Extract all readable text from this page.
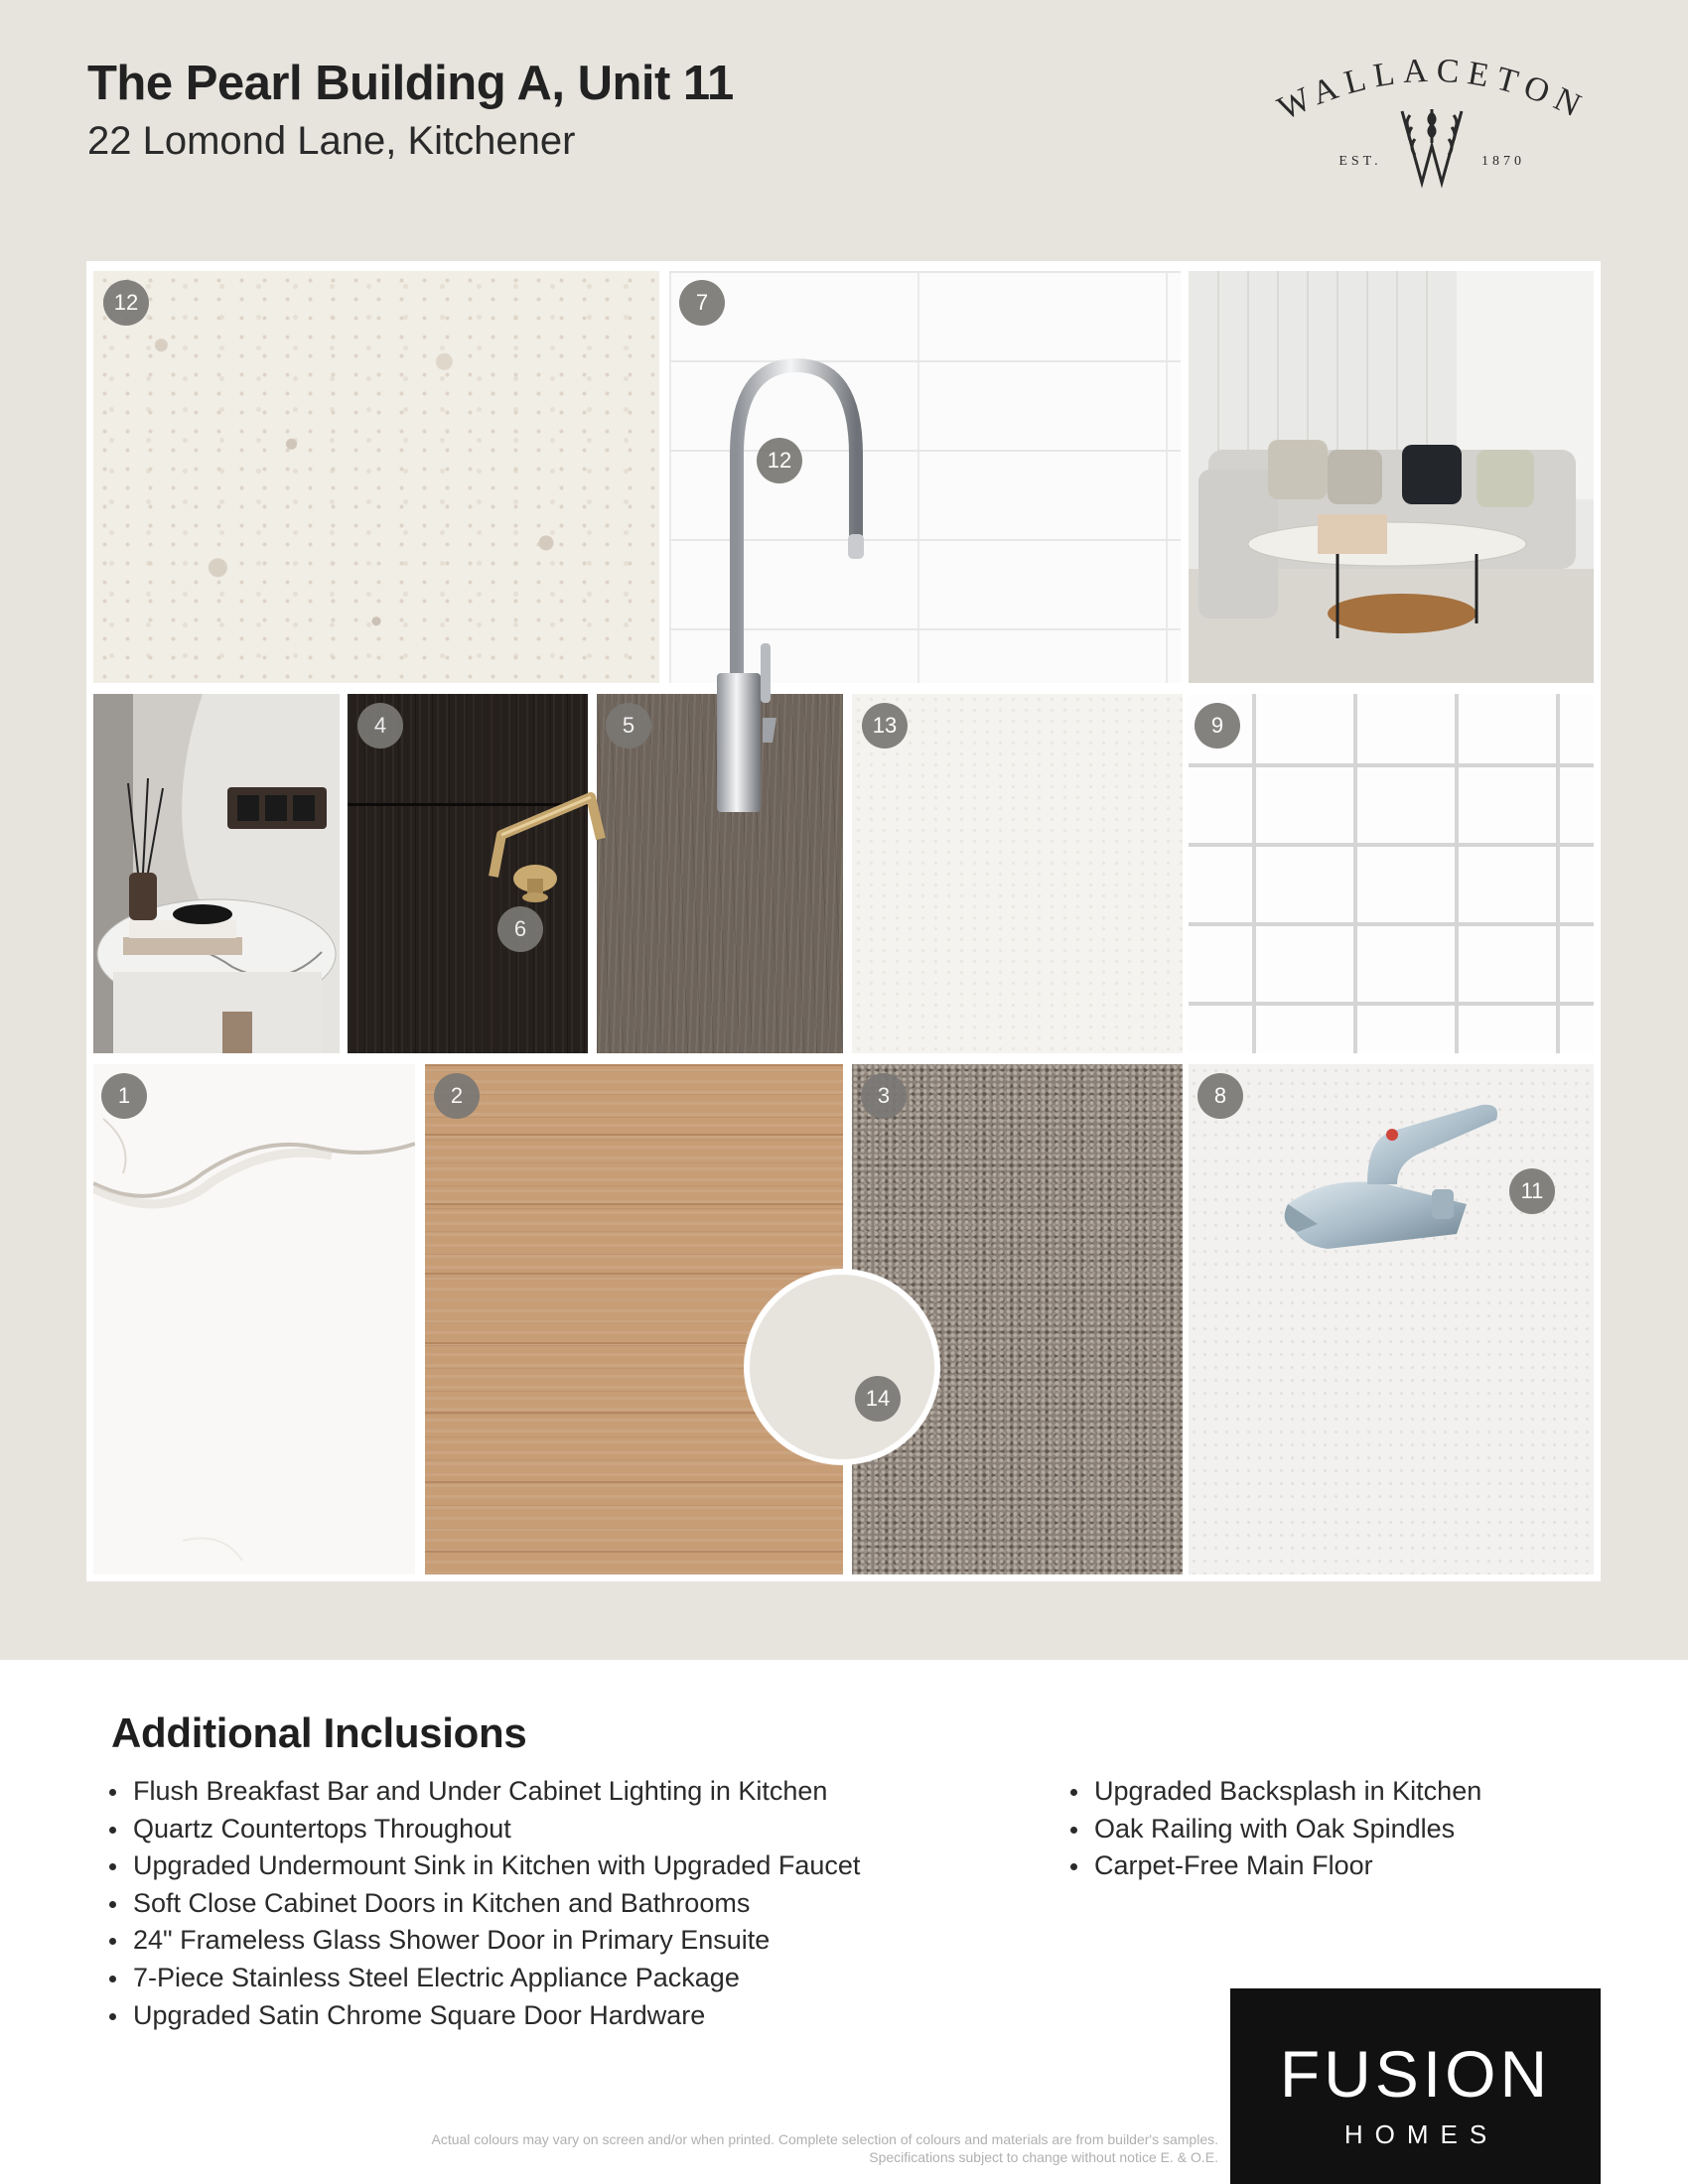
The Pearl Building A, Unit 11

22 Lomond Lane, Kitchener

WALLACETON
EST.	1870
12	7
4	5
6
13	9
1	2	3
14
8
12
11
Additional Inclusions
Flush Breakfast Bar and Under Cabinet Lighting in Kitchen
Quartz Countertops Throughout
Upgraded Undermount Sink in Kitchen with Upgraded Faucet
Soft Close Cabinet Doors in Kitchen and Bathrooms
24" Frameless Glass Shower Door in Primary Ensuite
7-Piece Stainless Steel Electric Appliance Package
Upgraded Satin Chrome Square Door Hardware
Upgraded Backsplash in Kitchen
Oak Railing with Oak Spindles
Carpet-Free Main Floor
Actual colours may vary on screen and/or when printed. Complete selection of colours and materials are from builder's samples.
Specifications subject to change without notice E. & O.E.
FUSION
HOMES
